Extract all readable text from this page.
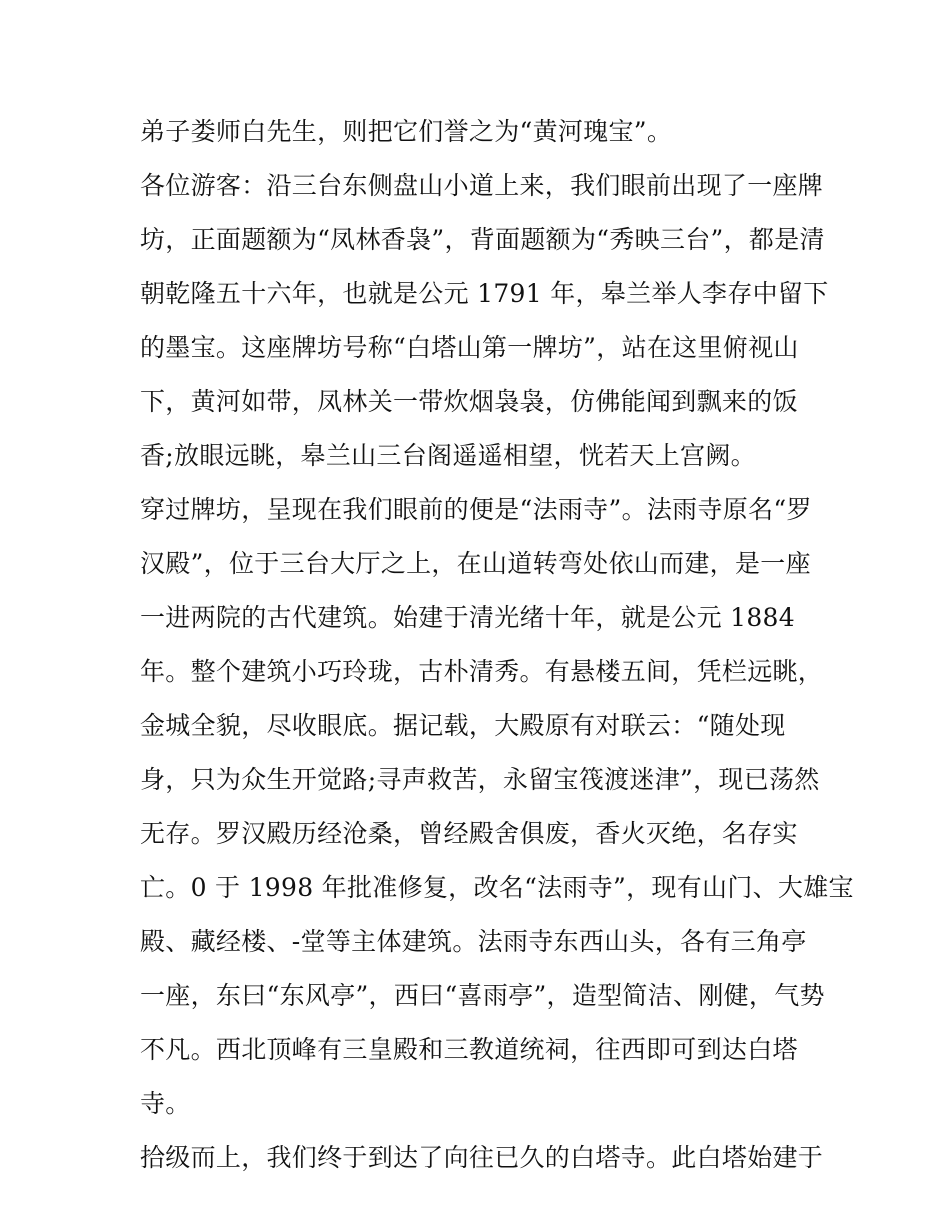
弟子娄师白先生，则把它们誉之为“黄河瑰宝”。
各位游客：沿三台东侧盘山小道上来，我们眼前出现了一座牌
坊，正面题额为“凤林香袅”，背面题额为“秀映三台”，都是清
朝乾隆五十六年，也就是公元 1791 年，皋兰举人李存中留下
的墨宝。这座牌坊号称“白塔山第一牌坊”，站在这里俯视山
下，黄河如带，凤林关一带炊烟袅袅，仿佛能闻到飘来的饭
香;放眼远眺，皋兰山三台阁遥遥相望，恍若天上宫阙。
穿过牌坊，呈现在我们眼前的便是“法雨寺”。法雨寺原名“罗
汉殿”，位于三台大厅之上，在山道转弯处依山而建，是一座
一进两院的古代建筑。始建于清光绪十年，就是公元 1884
年。整个建筑小巧玲珑，古朴清秀。有悬楼五间，凭栏远眺，
金城全貌，尽收眼底。据记载，大殿原有对联云：“随处现
身，只为众生开觉路;寻声救苦，永留宝筏渡迷津”，现已荡然
无存。罗汉殿历经沧桑，曾经殿舍俱废，香火灭绝，名存实
亡。0 于 1998 年批准修复，改名“法雨寺”，现有山门、大雄宝
殿、藏经楼、-堂等主体建筑。法雨寺东西山头，各有三角亭
一座，东曰“东风亭”，西曰“喜雨亭”，造型简洁、刚健，气势
不凡。西北顶峰有三皇殿和三教道统祠，往西即可到达白塔
寺。
拾级而上，我们终于到达了向往已久的白塔寺。此白塔始建于
